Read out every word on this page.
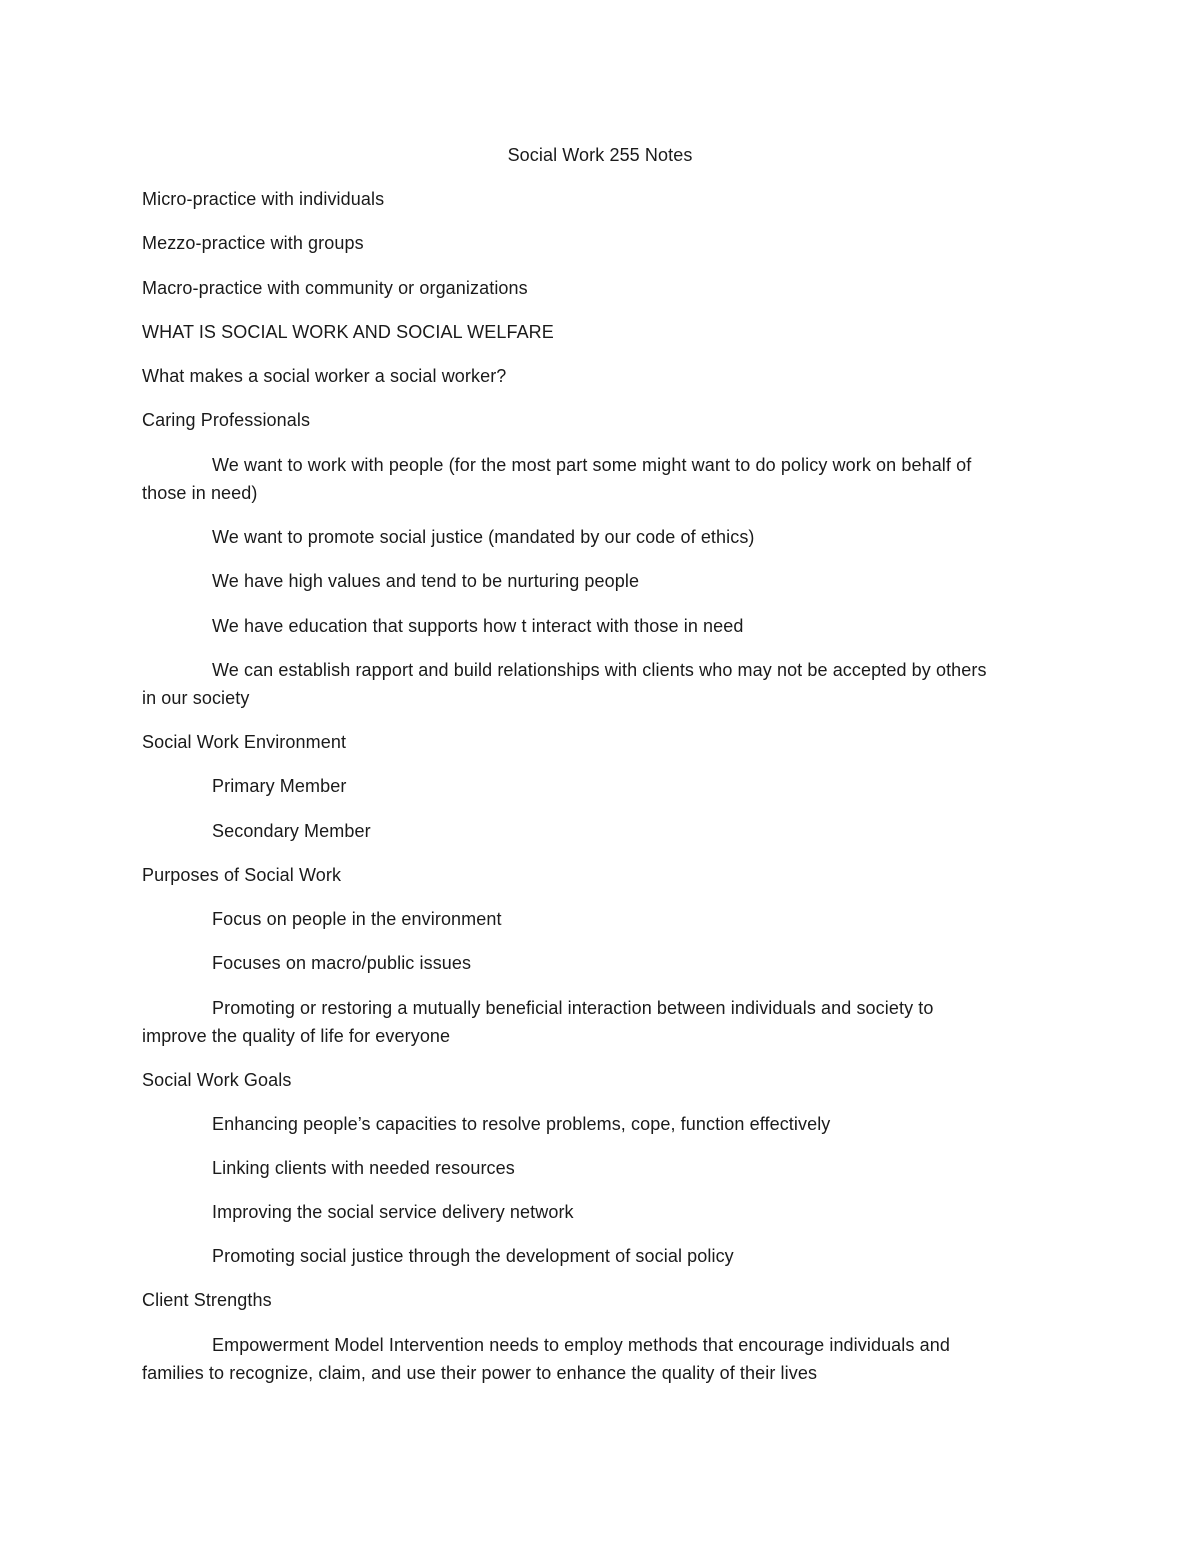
Social Work 255 Notes
Micro-practice with individuals
Mezzo-practice with groups
Macro-practice with community or organizations
WHAT IS SOCIAL WORK AND SOCIAL WELFARE
What makes a social worker a social worker?
Caring Professionals
We want to work with people (for the most part some might want to do policy work on behalf of
those in need)
We want to promote social justice (mandated by our code of ethics)
We have high values and tend to be nurturing people
We have education that supports how t interact with those in need
We can establish rapport and build relationships with clients who may not be accepted by others
in our society
Social Work Environment
Primary Member
Secondary Member
Purposes of Social Work
Focus on people in the environment
Focuses on macro/public issues
Promoting or restoring a mutually beneficial interaction between individuals and society to
improve the quality of life for everyone
Social Work Goals
Enhancing people’s capacities to resolve problems, cope, function effectively
Linking clients with needed resources
Improving the social service delivery network
Promoting social justice through the development of social policy
Client Strengths
Empowerment Model Intervention needs to employ methods that encourage individuals and
families to recognize, claim, and use their power to enhance the quality of their lives
